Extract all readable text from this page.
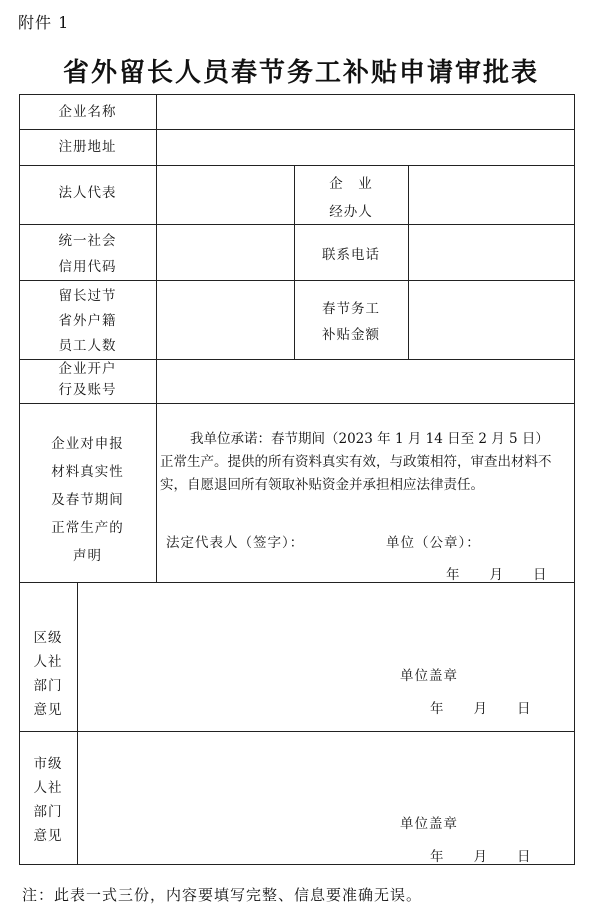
附件 1
省外留长人员春节务工补贴申请审批表
企业名称
注册地址
法人代表
企　业
经办人
统一社会
信用代码
联系电话
留长过节
省外户籍
员工人数
春节务工
补贴金额
企业开户
行及账号
企业对申报
材料真实性
及春节期间
正常生产的
声明
我单位承诺：春节期间（2023 年 1 月 14 日至 2 月 5 日）
正常生产。提供的所有资料真实有效，与政策相符，审查出材料不实，自愿退回所有领取补贴资金并承担相应法律责任。
法定代表人（签字）：	单位（公章）：
年　　月　　日
区级
人社
部门
意见
单位盖章
年　　月　　日
市级
人社
部门
意见
单位盖章
年　　月　　日
注：此表一式三份，内容要填写完整、信息要准确无误。
